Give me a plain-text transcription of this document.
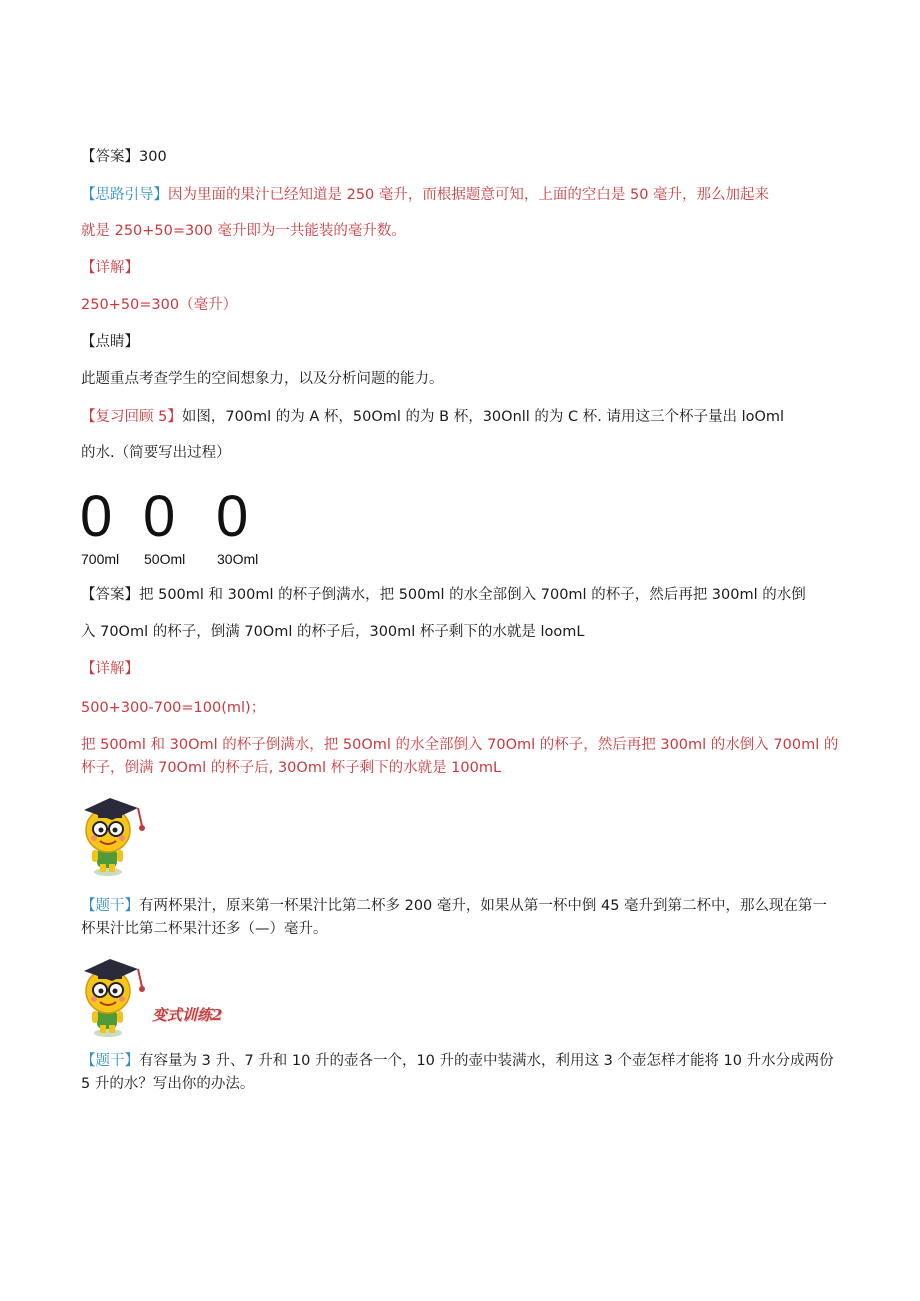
【答案】300
【思路引导】因为里面的果汁已经知道是 250 毫升，而根据题意可知，上面的空白是 50 毫升，那么加起来
就是 250+50=300 毫升即为一共能装的毫升数。
【详解】
250+50=300（毫升）
【点睛】
此题重点考查学生的空间想象力，以及分析问题的能力。
【复习回顾 5】如图，700ml 的为 A 杯，50Oml 的为 B 杯，30Onll 的为 C 杯. 请用这三个杯子量出 loOml
的水.（简要写出过程）
0 0 0
700ml 50Oml 30Oml
【答案】把 500ml 和 300ml 的杯子倒满水，把 500ml 的水全部倒入 700ml 的杯子，然后再把 300ml 的水倒
入 70Oml 的杯子，倒满 70Oml 的杯子后，300ml 杯子剩下的水就是 loomL
【详解】
500+300-700=100(ml)；
把 500ml 和 30Oml 的杯子倒满水，把 50Oml 的水全部倒入 70Oml 的杯子，然后再把 300ml 的水倒入 700ml 的杯子，倒满 70Oml 的杯子后, 30Oml 杯子剩下的水就是 100mL
【题干】有两杯果汁，原来第一杯果汁比第二杯多 200 毫升，如果从第一杯中倒 45 毫升到第二杯中，那么现在第一杯果汁比第二杯果汁还多（—）毫升。
变式训练2
【题干】有容量为 3 升、7 升和 10 升的壶各一个，10 升的壶中装满水，利用这 3 个壶怎样才能将 10 升水分成两份 5 升的水？写出你的办法。
